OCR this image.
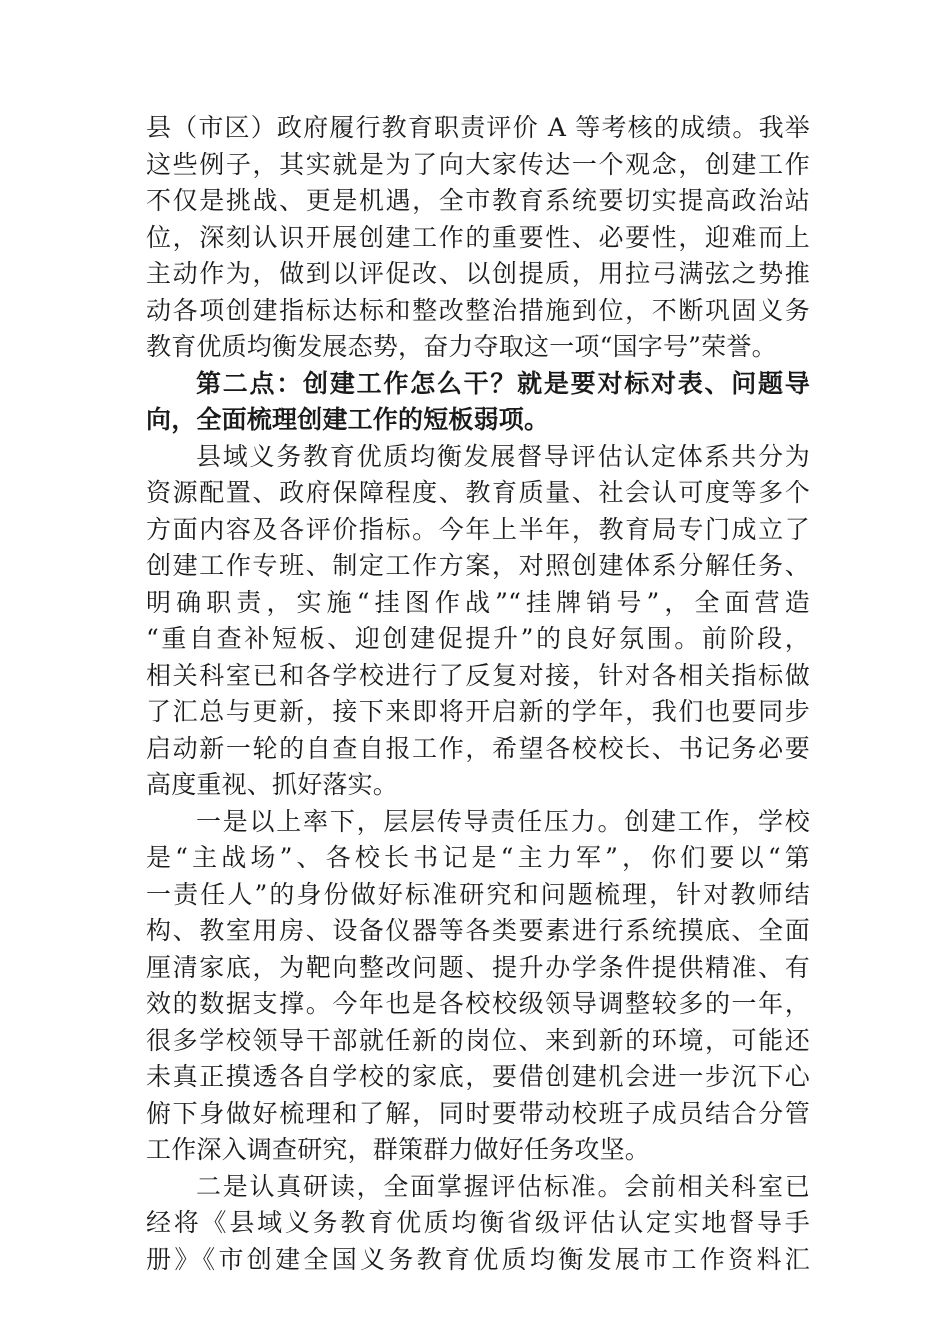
县（市区）政府履行教育职责评价 A 等考核的成绩。我举
这些例子，其实就是为了向大家传达一个观念，创建工作
不仅是挑战、更是机遇，全市教育系统要切实提高政治站
位，深刻认识开展创建工作的重要性、必要性，迎难而上
主动作为，做到以评促改、以创提质，用拉弓满弦之势推
动各项创建指标达标和整改整治措施到位，不断巩固义务
教育优质均衡发展态势，奋力夺取这一项“国字号”荣誉。
第二点：创建工作怎么干？就是要对标对表、问题导
向，全面梳理创建工作的短板弱项。
县域义务教育优质均衡发展督导评估认定体系共分为
资源配置、政府保障程度、教育质量、社会认可度等多个
方面内容及各评价指标。今年上半年，教育局专门成立了
创建工作专班、制定工作方案，对照创建体系分解任务、
明确职责，实施“挂图作战”“挂牌销号”，全面营造
“重自查补短板、迎创建促提升”的良好氛围。前阶段，
相关科室已和各学校进行了反复对接，针对各相关指标做
了汇总与更新，接下来即将开启新的学年，我们也要同步
启动新一轮的自查自报工作，希望各校校长、书记务必要
高度重视、抓好落实。
一是以上率下，层层传导责任压力。创建工作，学校
是“主战场”、各校长书记是“主力军”，你们要以“第
一责任人”的身份做好标准研究和问题梳理，针对教师结
构、教室用房、设备仪器等各类要素进行系统摸底、全面
厘清家底，为靶向整改问题、提升办学条件提供精准、有
效的数据支撑。今年也是各校校级领导调整较多的一年，
很多学校领导干部就任新的岗位、来到新的环境，可能还
未真正摸透各自学校的家底，要借创建机会进一步沉下心
俯下身做好梳理和了解，同时要带动校班子成员结合分管
工作深入调查研究，群策群力做好任务攻坚。
二是认真研读，全面掌握评估标准。会前相关科室已
经将《县域义务教育优质均衡省级评估认定实地督导手
册》《市创建全国义务教育优质均衡发展市工作资料汇
